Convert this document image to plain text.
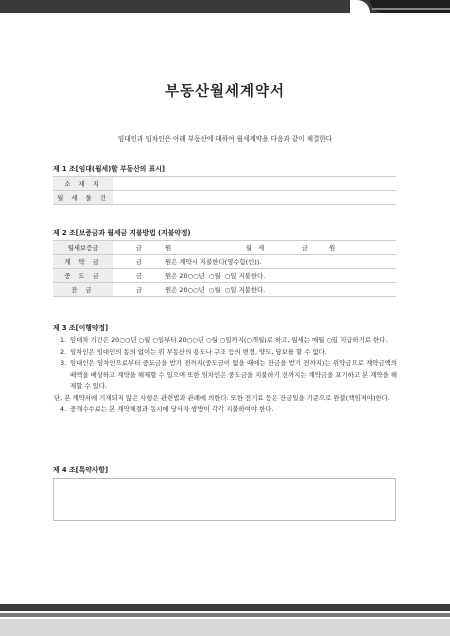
부동산월세계약서
임대인과 임차인은 아래 부동산에 대하여 월세계약을 다음과 같이 체결한다
제 1 조[임대(월세)할 부동산의 표시]
소 재 지	
월 세 물 건	
제 2 조[보증금과 월세금 지불방법 (지불약정)
월세보증금	금	원	월   세	금	원
계 약 금	금	원은 계약시 지불한다(영수함(인)).			
중 도 금	금	원은 20○○년  ○월  ○일 지불한다.			
잔 금	금	원은 20○○년  ○월  ○일 지불한다.			
제 3 조[이행약정]
1. 임대차 기간은 20○○년 ○월 ○일부터 20○○년 ○월 ○일까지(○개월)로 하고, 월세는 매월 ○일 지급하기로 한다.
2. 임차인은 임대인의 동의 없이는 위 부동산의 용도나 구조 등의 변경, 양도, 담보를 할 수 없다.
3. 임대인은 임차인으로부터 중도금을 받기 전까지(중도금이 없을 때에는 잔금을 받기 전까지)는 위약금으로 계약금액의 배액을 배상하고 계약을 해제할 수 있으며 또한 임차인은 중도금을 지불하기 전까지는 계약금을 포기하고 본 계약을 해제할 수 있다.
단, 본 계약서에 기재되지 않은 사항은 관련법과 관례에 의한다. 또한 전기료 등은 잔금일을 기준으로 완불(책임져야)한다.
4. 중개수수료는 본 계약체결과 동시에 당사자 쌍방이 각각 지불하여야 한다.
제 4 조[특약사항]
